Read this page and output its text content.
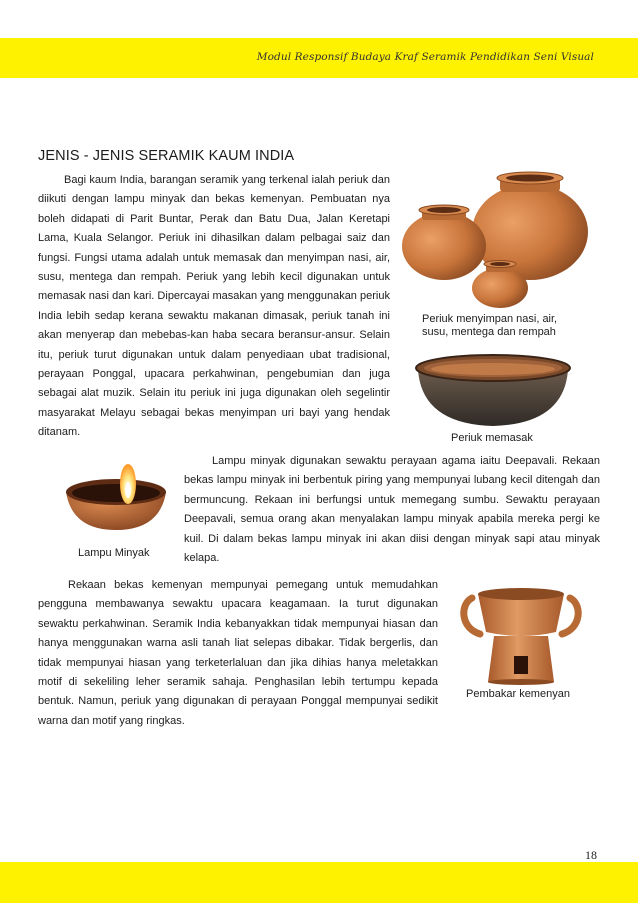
Modul Responsif Budaya Kraf Seramik Pendidikan Seni Visual
JENIS - JENIS SERAMIK KAUM INDIA

Bagi kaum India, barangan seramik yang terkenal ialah periuk dan diikuti dengan lampu minyak dan bekas kemenyan. Pembuatan nya boleh didapati di Parit Buntar, Perak dan Batu Dua, Jalan Keretapi Lama, Kuala Selangor. Periuk ini dihasilkan dalam pelbagai saiz dan fungsi. Fungsi utama adalah untuk memasak dan menyimpan nasi, air, susu, mentega dan rempah. Periuk yang lebih kecil digunakan untuk memasak nasi dan kari. Dipercayai masakan yang menggunakan periuk India lebih sedap kerana sewaktu makanan dimasak, periuk tanah ini akan menyerap dan mebebas-kan haba secara beransur-ansur. Selain itu, periuk turut digunakan untuk dalam penyediaan ubat tradisional, perayaan Ponggal, upacara perkahwinan, pengebumian dan juga sebagai alat muzik. Selain itu periuk ini juga digunakan oleh segelintir masyarakat Melayu sebagai bekas menyimpan uri bayi yang hendak ditanam.

Periuk menyimpan nasi, air,
susu, mentega dan rempah
Periuk memasak
Lampu Minyak

Lampu minyak digunakan sewaktu perayaan agama iaitu Deepavali. Rekaan bekas lampu minyak ini berbentuk piring yang mempunyai lubang kecil ditengah dan bermuncung. Rekaan ini berfungsi untuk memegang sumbu. Sewaktu perayaan Deepavali, semua orang akan menyalakan lampu minyak apabila mereka pergi ke kuil. Di dalam bekas lampu minyak ini akan diisi dengan minyak sapi atau minyak kelapa.

Rekaan bekas kemenyan mempunyai pemegang untuk memudahkan pengguna membawanya sewaktu upacara keagamaan. Ia turut digunakan sewaktu perkahwinan. Seramik India kebanyakkan tidak mempunyai hiasan dan hanya menggunakan warna asli tanah liat selepas dibakar. Tidak bergerlis, dan tidak mempunyai hiasan yang terketerlaluan dan jika dihias hanya meletakkan motif di sekeliling leher seramik sahaja. Penghasilan lebih tertumpu kepada bentuk. Namun, periuk yang digunakan di perayaan Ponggal mempunyai sedikit warna dan motif yang ringkas.

Pembakar kemenyan
18
